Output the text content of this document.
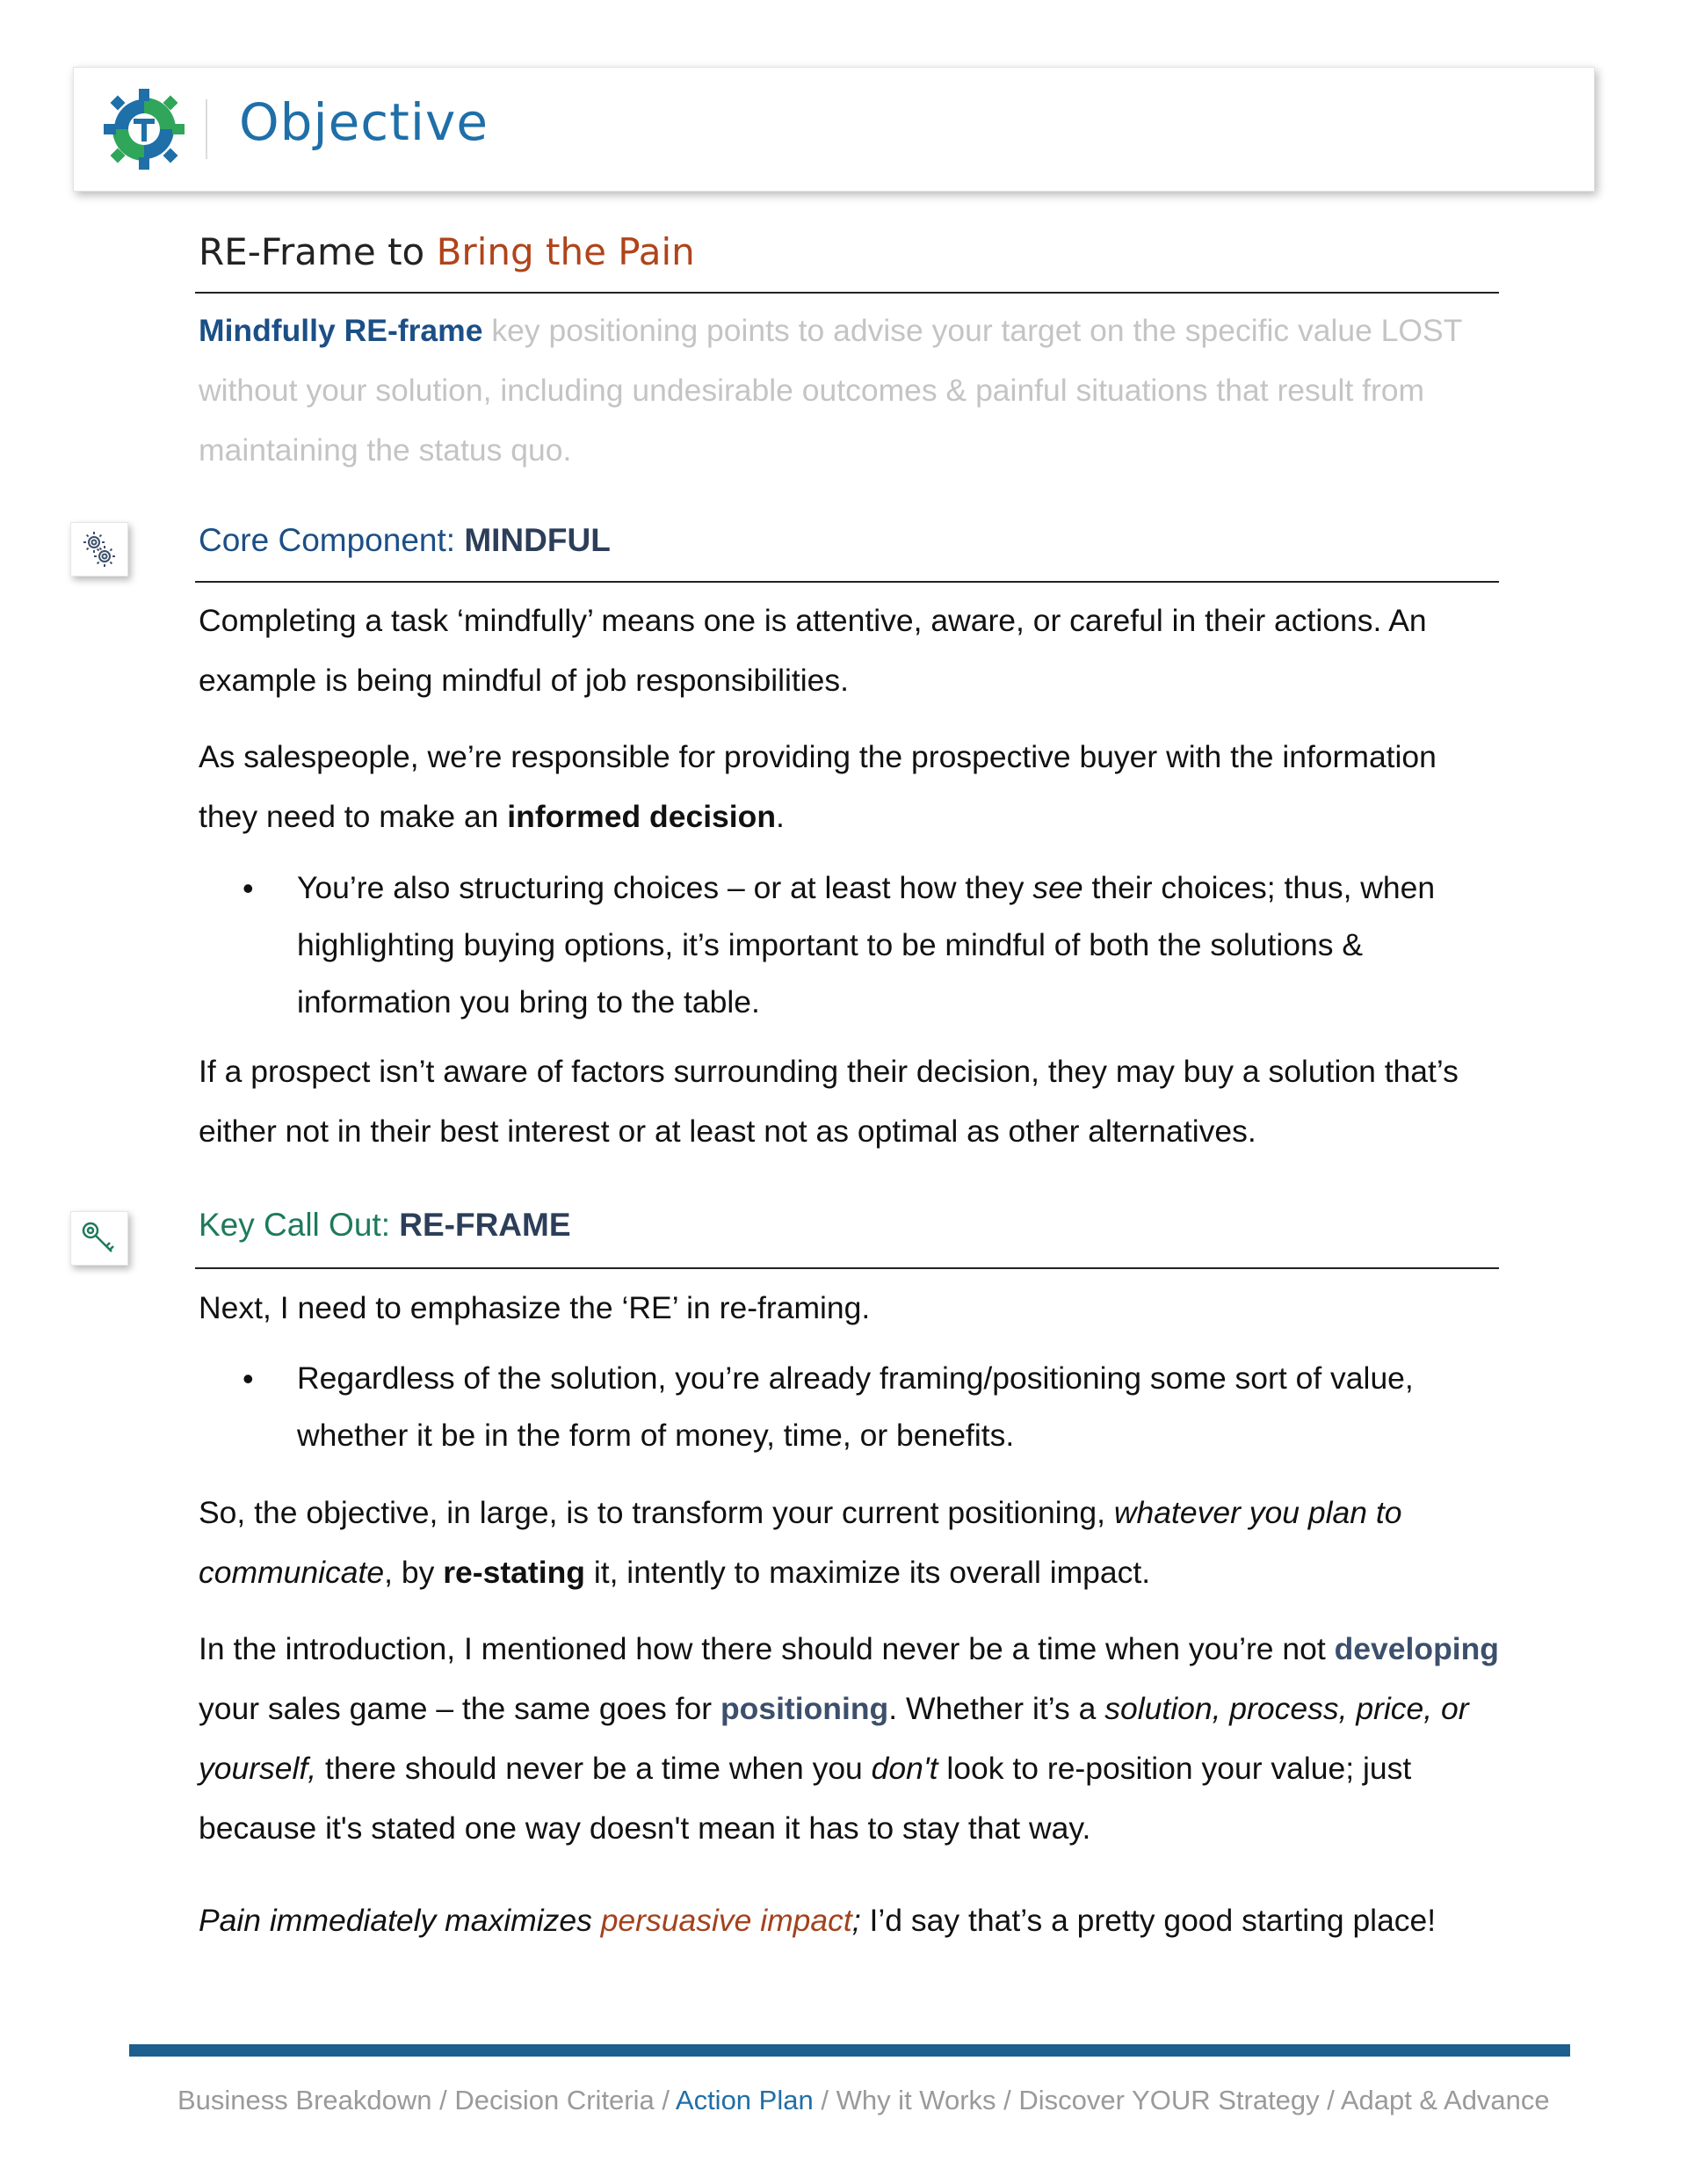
Objective
RE-Frame to Bring the Pain

Mindfully RE-frame key positioning points to advise your target on the specific value LOST without your solution, including undesirable outcomes & painful situations that result from maintaining the status quo.

Core Component: MINDFUL

Completing a task ‘mindfully’ means one is attentive, aware, or careful in their actions. An example is being mindful of job responsibilities.

As salespeople, we’re responsible for providing the prospective buyer with the information they need to make an informed decision.

• You’re also structuring choices – or at least how they see their choices; thus, when highlighting buying options, it’s important to be mindful of both the solutions & information you bring to the table.

If a prospect isn’t aware of factors surrounding their decision, they may buy a solution that’s either not in their best interest or at least not as optimal as other alternatives.

Key Call Out: RE-FRAME

Next, I need to emphasize the ‘RE’ in re-framing.

• Regardless of the solution, you’re already framing/positioning some sort of value, whether it be in the form of money, time, or benefits.

So, the objective, in large, is to transform your current positioning, whatever you plan to communicate, by re-stating it, intently to maximize its overall impact.

In the introduction, I mentioned how there should never be a time when you’re not developing your sales game – the same goes for positioning. Whether it’s a solution, process, price, or yourself, there should never be a time when you don't look to re-position your value; just because it's stated one way doesn't mean it has to stay that way.

Pain immediately maximizes persuasive impact; I’d say that’s a pretty good starting place!

Business Breakdown / Decision Criteria / Action Plan / Why it Works / Discover YOUR Strategy / Adapt & Advance
